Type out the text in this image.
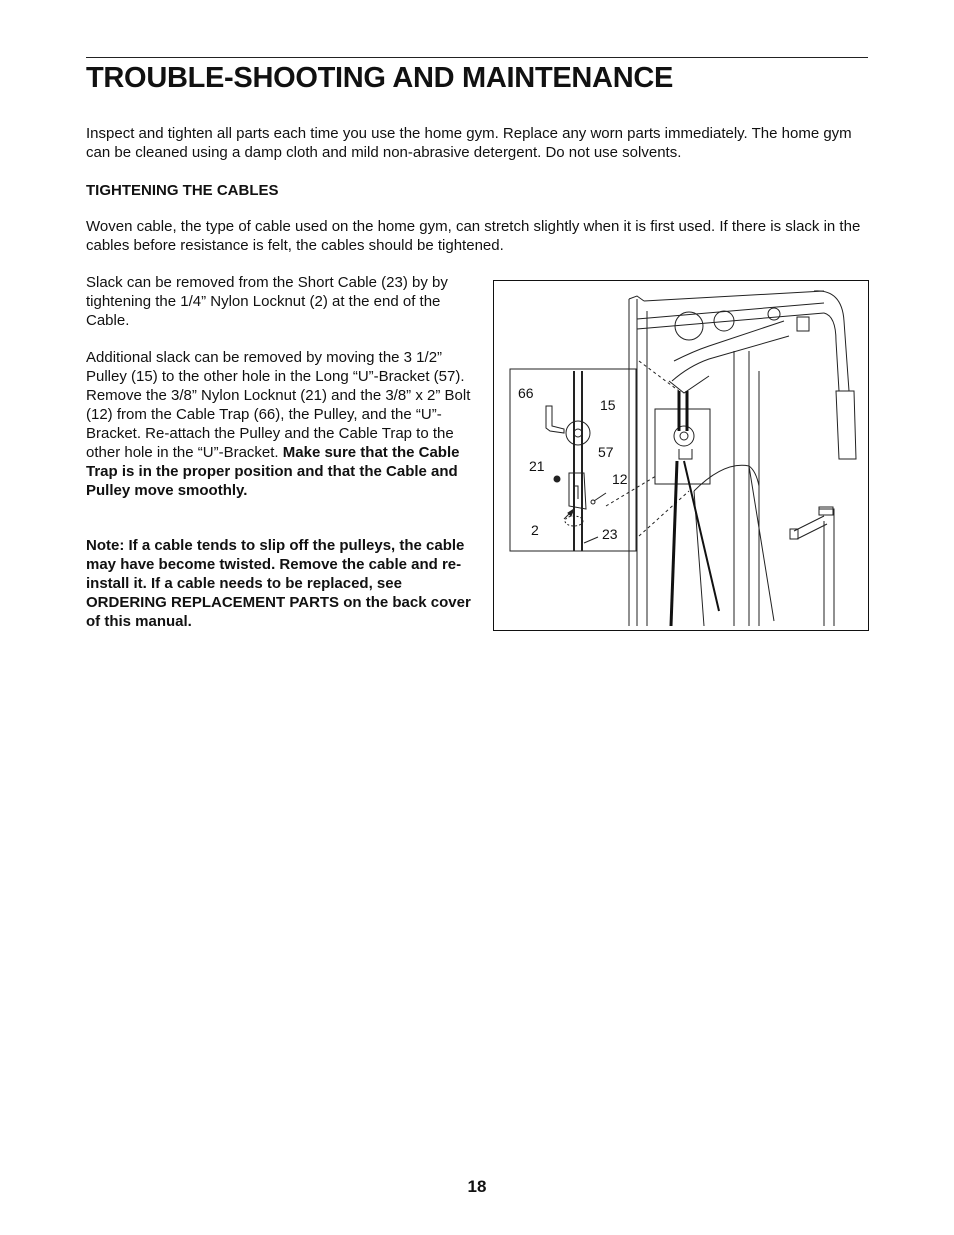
TROUBLE-SHOOTING AND MAINTENANCE

Inspect and tighten all parts each time you use the home gym. Replace any worn parts immediately. The home gym can be cleaned using a damp cloth and mild non-abrasive detergent. Do not use solvents.

TIGHTENING THE CABLES

Woven cable, the type of cable used on the home gym, can stretch slightly when it is first used. If there is slack in the cables before resistance is felt, the cables should be tightened.

Slack can be removed from the Short Cable (23) by by tightening the 1/4” Nylon Locknut (2) at the end of the Cable.

Additional slack can be removed by moving the 3 1/2” Pulley (15) to the other hole in the Long “U”-Bracket (57). Remove the 3/8” Nylon Locknut (21) and the 3/8” x 2” Bolt (12) from the Cable Trap (66), the Pulley, and the “U”-Bracket. Re-attach the Pulley and the Cable Trap to the other hole in the “U”-Bracket. Make sure that the Cable Trap is in the proper position and that the Cable and Pulley move smoothly.

Note: If a cable tends to slip off the pulleys, the cable may have become twisted. Remove the cable and re-install it. If a cable needs to be replaced, see ORDERING REPLACEMENT PARTS on the back cover of this manual.

66
15
57
21
12
2	23
18
